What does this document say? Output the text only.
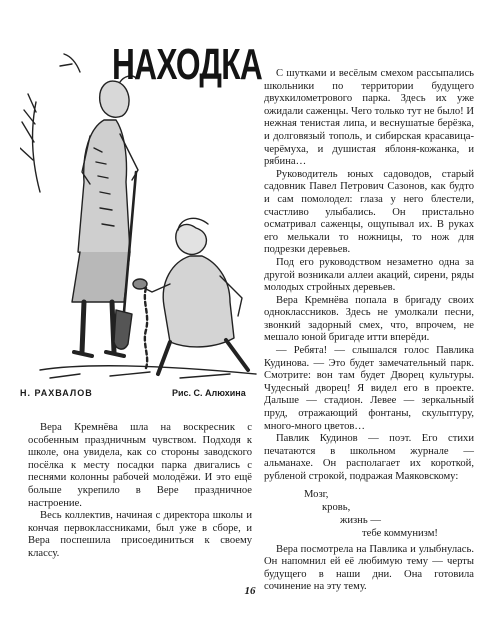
НАХОДКА
Н. РАХВАЛОВ	Рис. С. Алюхина

Вера Кремнёва шла на воскресник с особенным праздничным чувством. Подходя к школе, она увидела, как со стороны заводского посёлка к месту посадки парка двигались с песнями колонны рабочей молодёжи. И это ещё больше укрепило в Вере праздничное настроение.

Весь коллектив, начиная с директора школы и кончая первоклассниками, был уже в сборе, и Вера поспешила присоединиться к своему классу.

С шутками и весёлым смехом рассыпались школьники по территории будущего двухкилометрового парка. Здесь их уже ожидали саженцы. Чего только тут не было! И нежная тенистая липа, и веснушатые берёзка, и долговязый тополь, и сибирская красавица-черёмуха, и душистая яблоня-кожанка, и рябина…

Руководитель юных садоводов, старый садовник Павел Петрович Сазонов, как будто и сам помолодел: глаза у него блестели, счастливо улыбались. Он пристально осматривал саженцы, ощупывал их. В руках его мелькали то ножницы, то нож для подрезки деревьев.

Под его руководством незаметно одна за другой возникали аллеи акаций, сирени, ряды молодых стройных деревьев.

Вера Кремнёва попала в бригаду своих одноклассников. Здесь не умолкали песни, звонкий задорный смех, что, впрочем, не мешало юной бригаде итти вперёди.

— Ребята! — слышался голос Павлика Кудинова. — Это будет замечательный парк. Смотрите: вон там будет Дворец культуры. Чудесный дворец! Я видел его в проекте. Дальше — стадион. Левее — зеркальный пруд, отражающий фонтаны, скульптуру, много-много цветов…

Павлик Кудинов — поэт. Его стихи печатаются в школьном журнале — альманахе. Он располагает их короткой, рубленой строкой, подражая Маяковскому:

Мозг,
кровь,
жизнь —
тебе коммунизм!

Вера посмотрела на Павлика и улыбнулась. Он напомнил ей её любимую тему — черты будущего в наши дни. Она готовила сочинение на эту тему.

16
